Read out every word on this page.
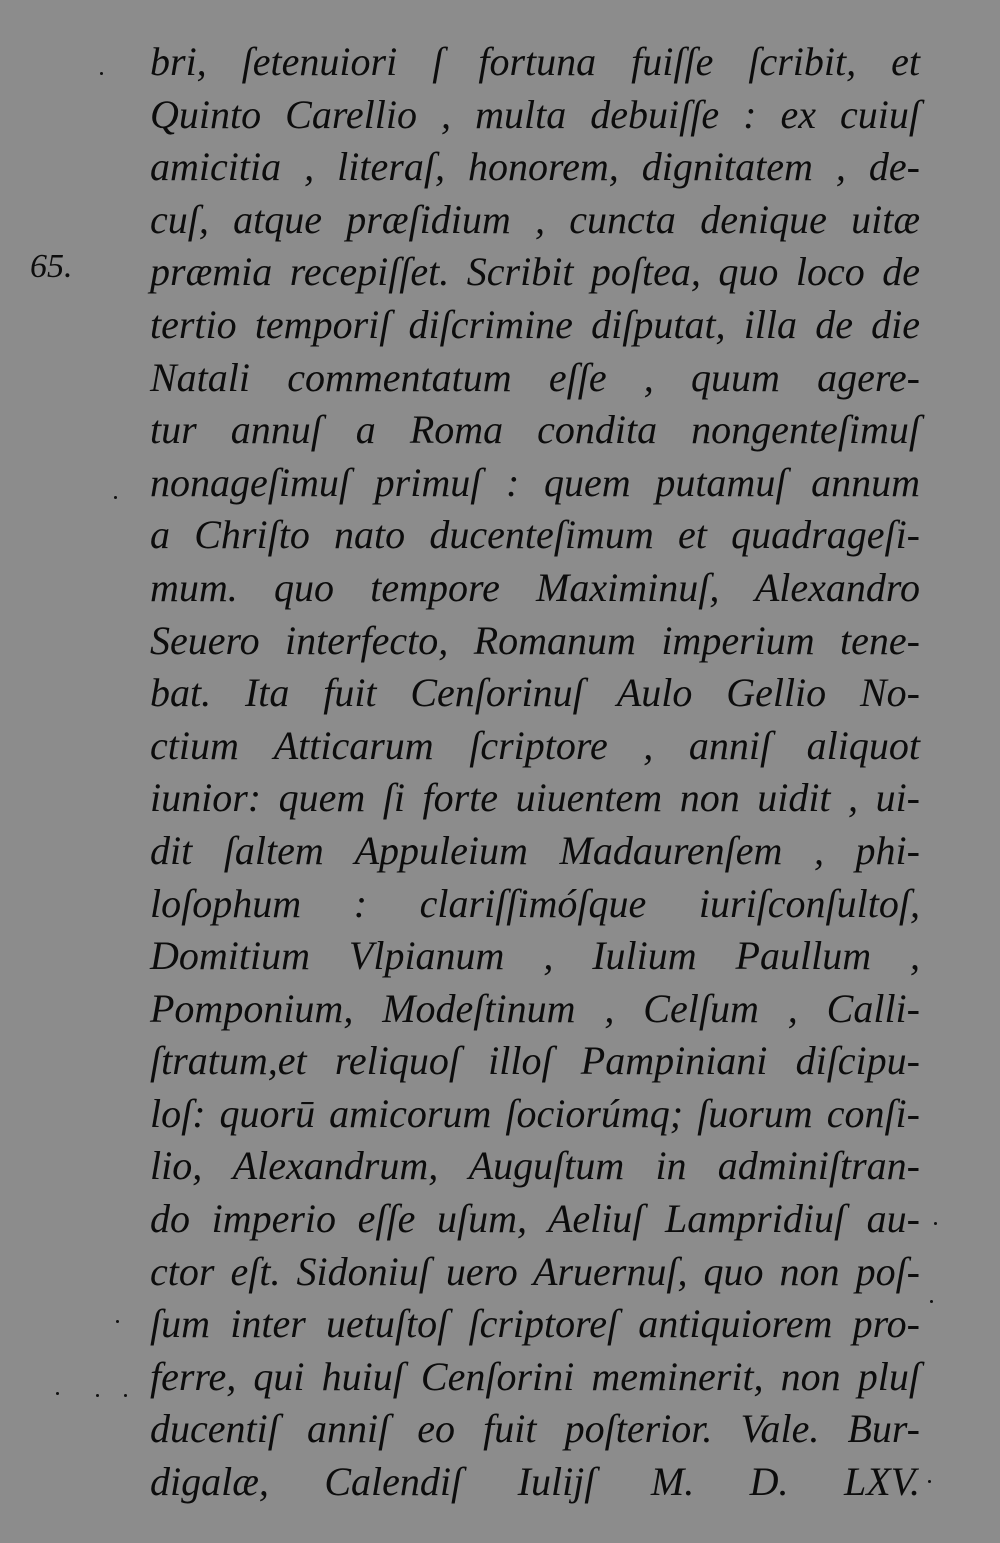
65.
bri, ſetenuiori ſ fortuna fuiſſe ſcribit, et
Quinto Carellio , multa debuiſſe : ex cuiuſ
amicitia , literaſ, honorem, dignitatem , de-
cuſ, atque præſidium , cuncta denique uitæ
præmia recepiſſet. Scribit poſtea, quo loco de
tertio temporiſ diſcrimine diſputat, illa de die
Natali commentatum eſſe , quum agere-
tur annuſ a Roma condita nongenteſimuſ
nonageſimuſ primuſ : quem putamuſ annum
a Chriſto nato ducenteſimum et quadrageſi-
mum. quo tempore Maximinuſ, Alexandro
Seuero interfecto, Romanum imperium tene-
bat. Ita fuit Cenſorinuſ Aulo Gellio No-
ctium Atticarum ſcriptore , anniſ aliquot
iunior: quem ſi forte uiuentem non uidit , ui-
dit ſaltem Appuleium Madaurenſem , phi-
loſophum : clariſſimóſque iuriſconſultoſ,
Domitium Vlpianum , Iulium Paullum ,
Pomponium, Modeſtinum , Celſum , Calli-
ſtratum,et reliquoſ illoſ Pampiniani diſcipu-
loſ: quorū amicorum ſociorúmq; ſuorum conſi-
lio, Alexandrum, Auguſtum in adminiſtran-
do imperio eſſe uſum, Aeliuſ Lampridiuſ au-
ctor eſt. Sidoniuſ uero Aruernuſ, quo non poſ-
ſum inter uetuſtoſ ſcriptoreſ antiquiorem pro-
ferre, qui huiuſ Cenſorini meminerit, non pluſ
ducentiſ anniſ eo fuit poſterior. Vale. Bur-
digalæ, Calendiſ Iulijſ M. D. LXV.
